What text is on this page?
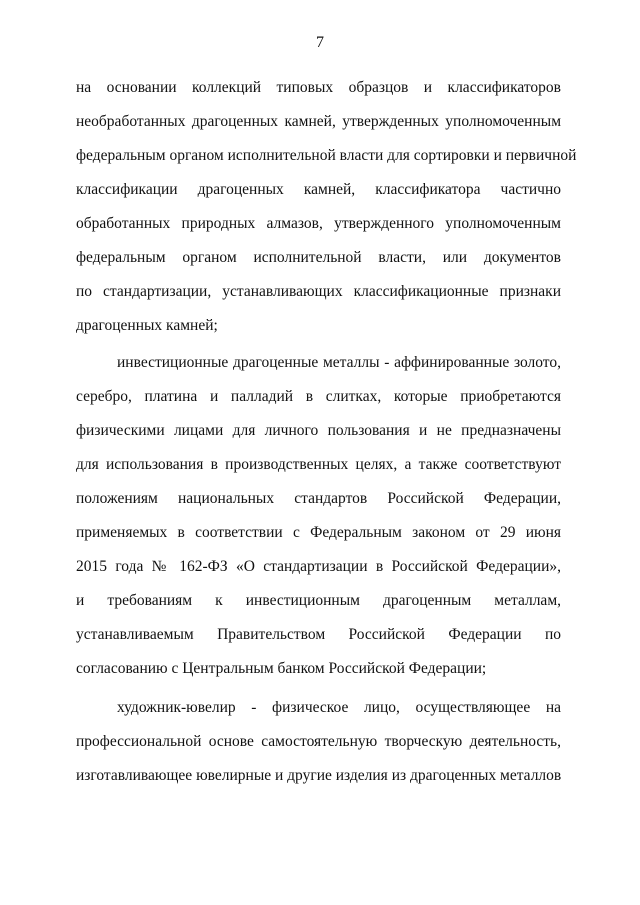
7
на основании коллекций типовых образцов и классификаторов
необработанных драгоценных камней, утвержденных уполномоченным
федеральным органом исполнительной власти для сортировки и первичной
классификации драгоценных камней, классификатора частично
обработанных природных алмазов, утвержденного уполномоченным
федеральным органом исполнительной власти, или документов
по стандартизации, устанавливающих классификационные признаки
драгоценных камней;
инвестиционные драгоценные металлы - аффинированные золото,
серебро, платина и палладий в слитках, которые приобретаются
физическими лицами для личного пользования и не предназначены
для использования в производственных целях, а также соответствуют
положениям национальных стандартов Российской Федерации,
применяемых в соответствии с Федеральным законом от 29 июня
2015 года № 162-ФЗ «О стандартизации в Российской Федерации»,
и требованиям к инвестиционным драгоценным металлам,
устанавливаемым Правительством Российской Федерации по
согласованию с Центральным банком Российской Федерации;
художник-ювелир - физическое лицо, осуществляющее на
профессиональной основе самостоятельную творческую деятельность,
изготавливающее ювелирные и другие изделия из драгоценных металлов
